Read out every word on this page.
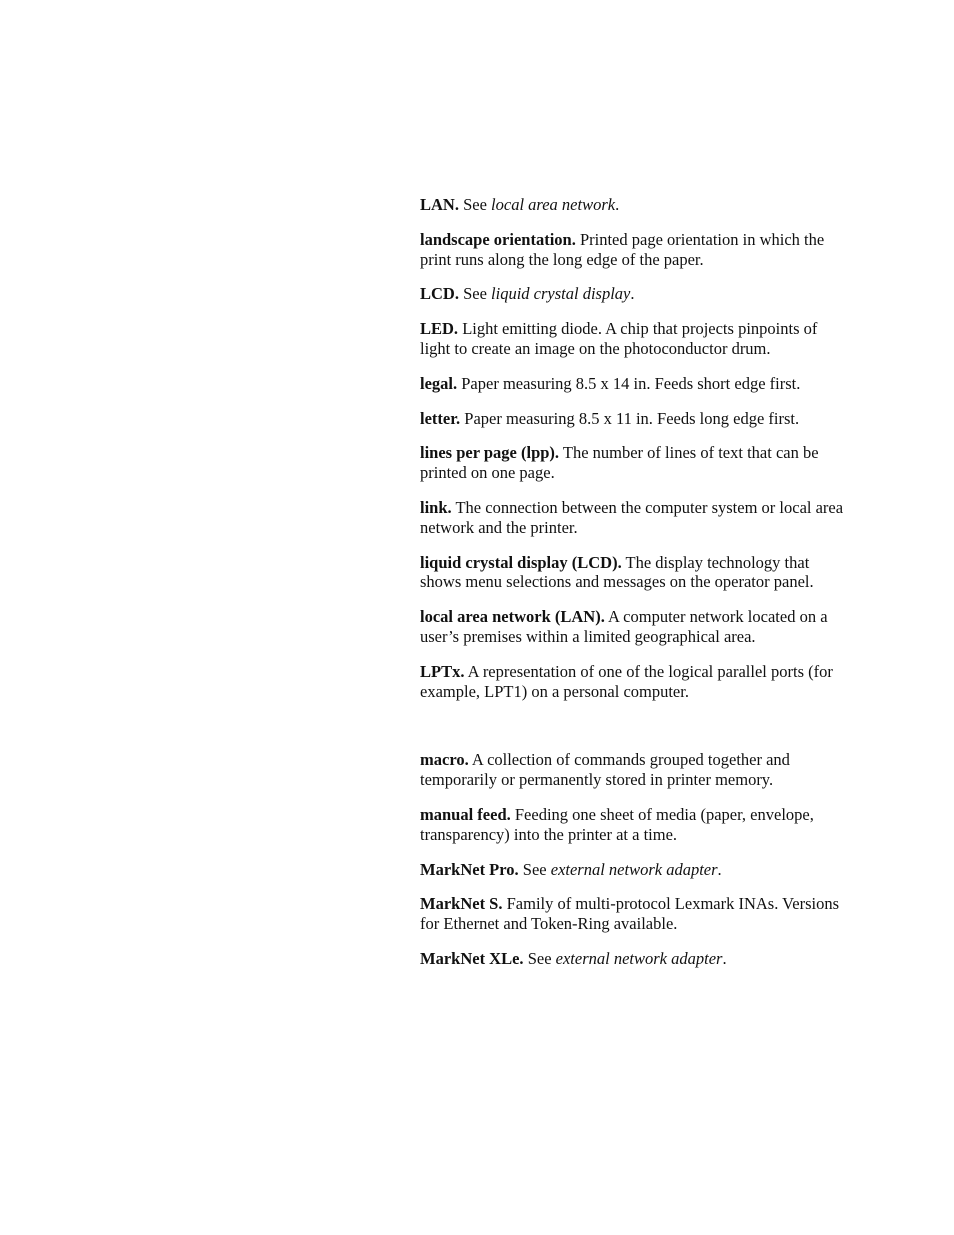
LAN. See local area network.

landscape orientation. Printed page orientation in which the print runs along the long edge of the paper.

LCD. See liquid crystal display.

LED. Light emitting diode. A chip that projects pinpoints of light to create an image on the photoconductor drum.

legal. Paper measuring 8.5 x 14 in. Feeds short edge first.

letter. Paper measuring 8.5 x 11 in. Feeds long edge first.

lines per page (lpp). The number of lines of text that can be printed on one page.

link. The connection between the computer system or local area network and the printer.

liquid crystal display (LCD). The display technology that shows menu selections and messages on the operator panel.

local area network (LAN). A computer network located on a user’s premises within a limited geographical area.

LPTx. A representation of one of the logical parallel ports (for example, LPT1) on a personal computer.

macro. A collection of commands grouped together and temporarily or permanently stored in printer memory.

manual feed. Feeding one sheet of media (paper, envelope, transparency) into the printer at a time.

MarkNet Pro. See external network adapter.

MarkNet S. Family of multi-protocol Lexmark INAs. Versions for Ethernet and Token-Ring available.

MarkNet XLe. See external network adapter.
